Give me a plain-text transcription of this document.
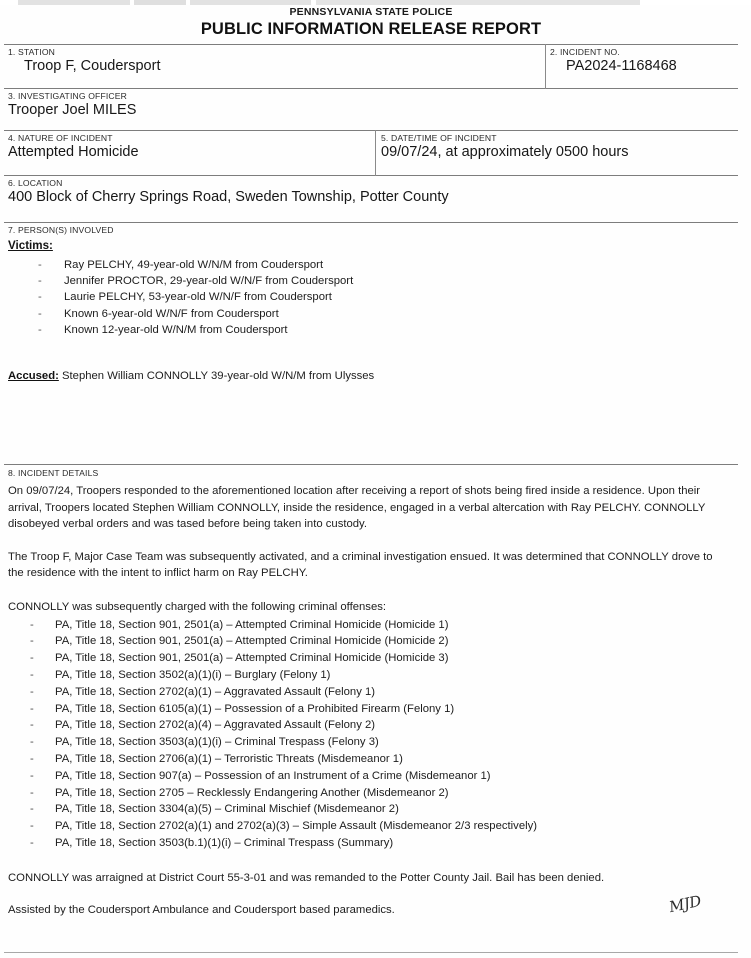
PENNSYLVANIA STATE POLICE
PUBLIC INFORMATION RELEASE REPORT
1. STATION
Troop F, Coudersport
2. INCIDENT NO.
PA2024-1168468
3. INVESTIGATING OFFICER
Trooper Joel MILES
4. NATURE OF INCIDENT
Attempted Homicide
5. DATE/TIME OF INCIDENT
09/07/24, at approximately 0500 hours
6. LOCATION
400 Block of Cherry Springs Road, Sweden Township, Potter County
7. PERSON(S) INVOLVED
Victims:
- Ray PELCHY, 49-year-old W/N/M from Coudersport
- Jennifer PROCTOR, 29-year-old W/N/F from Coudersport
- Laurie PELCHY, 53-year-old W/N/F from Coudersport
- Known 6-year-old W/N/F from Coudersport
- Known 12-year-old W/N/M from Coudersport
Accused: Stephen William CONNOLLY 39-year-old W/N/M from Ulysses
8. INCIDENT DETAILS
On 09/07/24, Troopers responded to the aforementioned location after receiving a report of shots being fired inside a residence. Upon their arrival, Troopers located Stephen William CONNOLLY, inside the residence, engaged in a verbal altercation with Ray PELCHY. CONNOLLY disobeyed verbal orders and was tased before being taken into custody.
The Troop F, Major Case Team was subsequently activated, and a criminal investigation ensued. It was determined that CONNOLLY drove to the residence with the intent to inflict harm on Ray PELCHY.
CONNOLLY was subsequently charged with the following criminal offenses:
- PA, Title 18, Section 901, 2501(a) – Attempted Criminal Homicide (Homicide 1)
- PA, Title 18, Section 901, 2501(a) – Attempted Criminal Homicide (Homicide 2)
- PA, Title 18, Section 901, 2501(a) – Attempted Criminal Homicide (Homicide 3)
- PA, Title 18, Section 3502(a)(1)(i) – Burglary (Felony 1)
- PA, Title 18, Section 2702(a)(1) – Aggravated Assault (Felony 1)
- PA, Title 18, Section 6105(a)(1) – Possession of a Prohibited Firearm (Felony 1)
- PA, Title 18, Section 2702(a)(4) – Aggravated Assault (Felony 2)
- PA, Title 18, Section 3503(a)(1)(i) – Criminal Trespass (Felony 3)
- PA, Title 18, Section 2706(a)(1) – Terroristic Threats (Misdemeanor 1)
- PA, Title 18, Section 907(a) – Possession of an Instrument of a Crime (Misdemeanor 1)
- PA, Title 18, Section 2705 – Recklessly Endangering Another (Misdemeanor 2)
- PA, Title 18, Section 3304(a)(5) – Criminal Mischief (Misdemeanor 2)
- PA, Title 18, Section 2702(a)(1) and 2702(a)(3) – Simple Assault (Misdemeanor 2/3 respectively)
- PA, Title 18, Section 3503(b.1)(1)(i) – Criminal Trespass (Summary)
CONNOLLY was arraigned at District Court 55-3-01 and was remanded to the Potter County Jail. Bail has been denied.
Assisted by the Coudersport Ambulance and Coudersport based paramedics.	MJD
